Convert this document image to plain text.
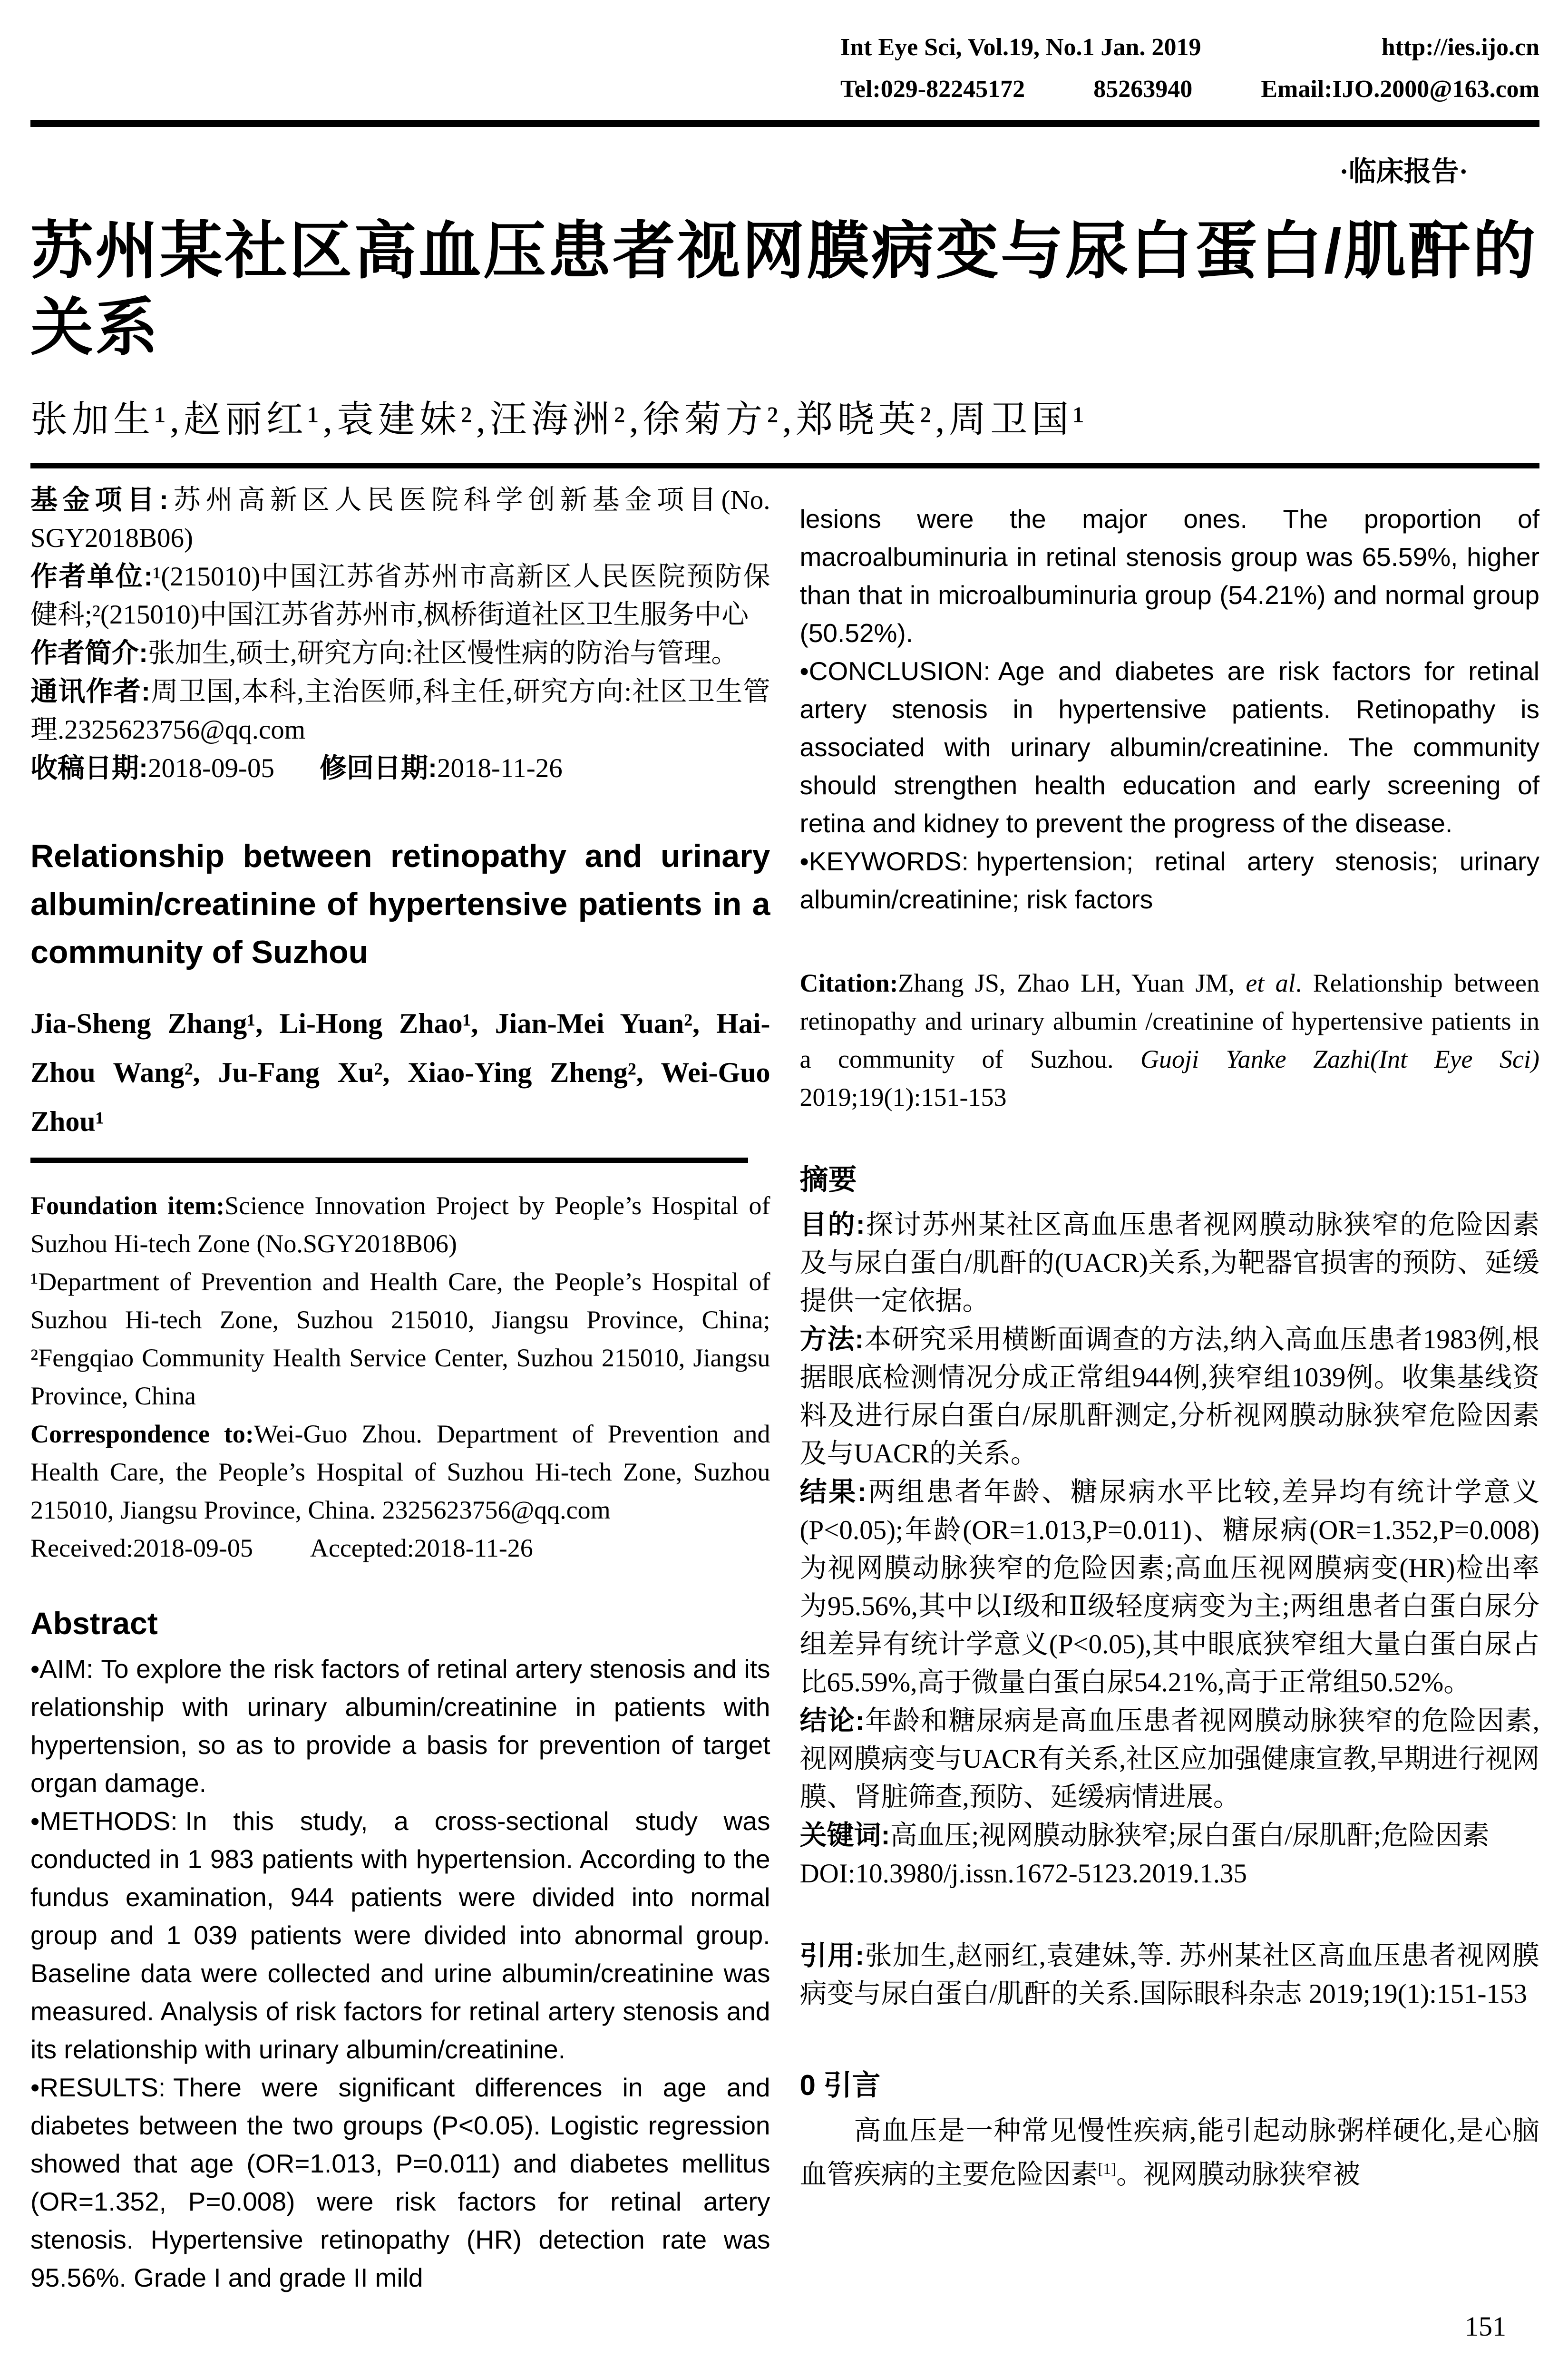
Int Eye Sci, Vol.19, No.1 Jan. 2019	http://ies.ijo.cn
Tel:029-82245172	85263940	Email:IJO.2000@163.com
·临床报告·
苏州某社区高血压患者视网膜病变与尿白蛋白/肌酐的关系
张加生¹,赵丽红¹,袁建妹²,汪海洲²,徐菊方²,郑晓英²,周卫国¹

基金项目:苏州高新区人民医院科学创新基金项目(No. SGY2018B06)

作者单位:¹(215010)中国江苏省苏州市高新区人民医院预防保健科;²(215010)中国江苏省苏州市,枫桥街道社区卫生服务中心

作者简介:张加生,硕士,研究方向:社区慢性病的防治与管理。

通讯作者:周卫国,本科,主治医师,科主任,研究方向:社区卫生管理.2325623756@qq.com

收稿日期:2018-09-05 修回日期:2018-11-26

Relationship between retinopathy and urinary albumin/creatinine of hypertensive patients in a community of Suzhou
Jia-Sheng Zhang¹, Li-Hong Zhao¹, Jian-Mei Yuan², Hai-Zhou Wang², Ju-Fang Xu², Xiao-Ying Zheng², Wei-Guo Zhou¹

Foundation item:Science Innovation Project by People’s Hospital of Suzhou Hi-tech Zone (No.SGY2018B06)

¹Department of Prevention and Health Care, the People’s Hospital of Suzhou Hi-tech Zone, Suzhou 215010, Jiangsu Province, China; ²Fengqiao Community Health Service Center, Suzhou 215010, Jiangsu Province, China

Correspondence to:Wei-Guo Zhou. Department of Prevention and Health Care, the People’s Hospital of Suzhou Hi-tech Zone, Suzhou 215010, Jiangsu Province, China. 2325623756@qq.com

Received:2018-09-05 Accepted:2018-11-26

Abstract

•AIM: To explore the risk factors of retinal artery stenosis and its relationship with urinary albumin/creatinine in patients with hypertension, so as to provide a basis for prevention of target organ damage.

•METHODS: In this study, a cross-sectional study was conducted in 1 983 patients with hypertension. According to the fundus examination, 944 patients were divided into normal group and 1 039 patients were divided into abnormal group. Baseline data were collected and urine albumin/creatinine was measured. Analysis of risk factors for retinal artery stenosis and its relationship with urinary albumin/creatinine.

•RESULTS: There were significant differences in age and diabetes between the two groups (P<0.05). Logistic regression showed that age (OR=1.013, P=0.011) and diabetes mellitus (OR=1.352, P=0.008) were risk factors for retinal artery stenosis. Hypertensive retinopathy (HR) detection rate was 95.56%. Grade I and grade II mild

lesions were the major ones. The proportion of macroalbuminuria in retinal stenosis group was 65.59%, higher than that in microalbuminuria group (54.21%) and normal group (50.52%).

•CONCLUSION: Age and diabetes are risk factors for retinal artery stenosis in hypertensive patients. Retinopathy is associated with urinary albumin/creatinine. The community should strengthen health education and early screening of retina and kidney to prevent the progress of the disease.

•KEYWORDS: hypertension; retinal artery stenosis; urinary albumin/creatinine; risk factors

Citation:Zhang JS, Zhao LH, Yuan JM, et al. Relationship between retinopathy and urinary albumin /creatinine of hypertensive patients in a community of Suzhou. Guoji Yanke Zazhi(Int Eye Sci) 2019;19(1):151-153

摘要

目的:探讨苏州某社区高血压患者视网膜动脉狭窄的危险因素及与尿白蛋白/肌酐的(UACR)关系,为靶器官损害的预防、延缓提供一定依据。

方法:本研究采用横断面调查的方法,纳入高血压患者1983例,根据眼底检测情况分成正常组944例,狭窄组1039例。收集基线资料及进行尿白蛋白/尿肌酐测定,分析视网膜动脉狭窄危险因素及与UACR的关系。

结果:两组患者年龄、糖尿病水平比较,差异均有统计学意义(P<0.05);年龄(OR=1.013,P=0.011)、糖尿病(OR=1.352,P=0.008)为视网膜动脉狭窄的危险因素;高血压视网膜病变(HR)检出率为95.56%,其中以Ⅰ级和Ⅱ级轻度病变为主;两组患者白蛋白尿分组差异有统计学意义(P<0.05),其中眼底狭窄组大量白蛋白尿占比65.59%,高于微量白蛋白尿54.21%,高于正常组50.52%。

结论:年龄和糖尿病是高血压患者视网膜动脉狭窄的危险因素,视网膜病变与UACR有关系,社区应加强健康宣教,早期进行视网膜、肾脏筛查,预防、延缓病情进展。

关键词:高血压;视网膜动脉狭窄;尿白蛋白/尿肌酐;危险因素

DOI:10.3980/j.issn.1672-5123.2019.1.35

引用:张加生,赵丽红,袁建妹,等. 苏州某社区高血压患者视网膜病变与尿白蛋白/肌酐的关系.国际眼科杂志 2019;19(1):151-153

0 引言

高血压是一种常见慢性疾病,能引起动脉粥样硬化,是心脑血管疾病的主要危险因素[1]。视网膜动脉狭窄被

151
